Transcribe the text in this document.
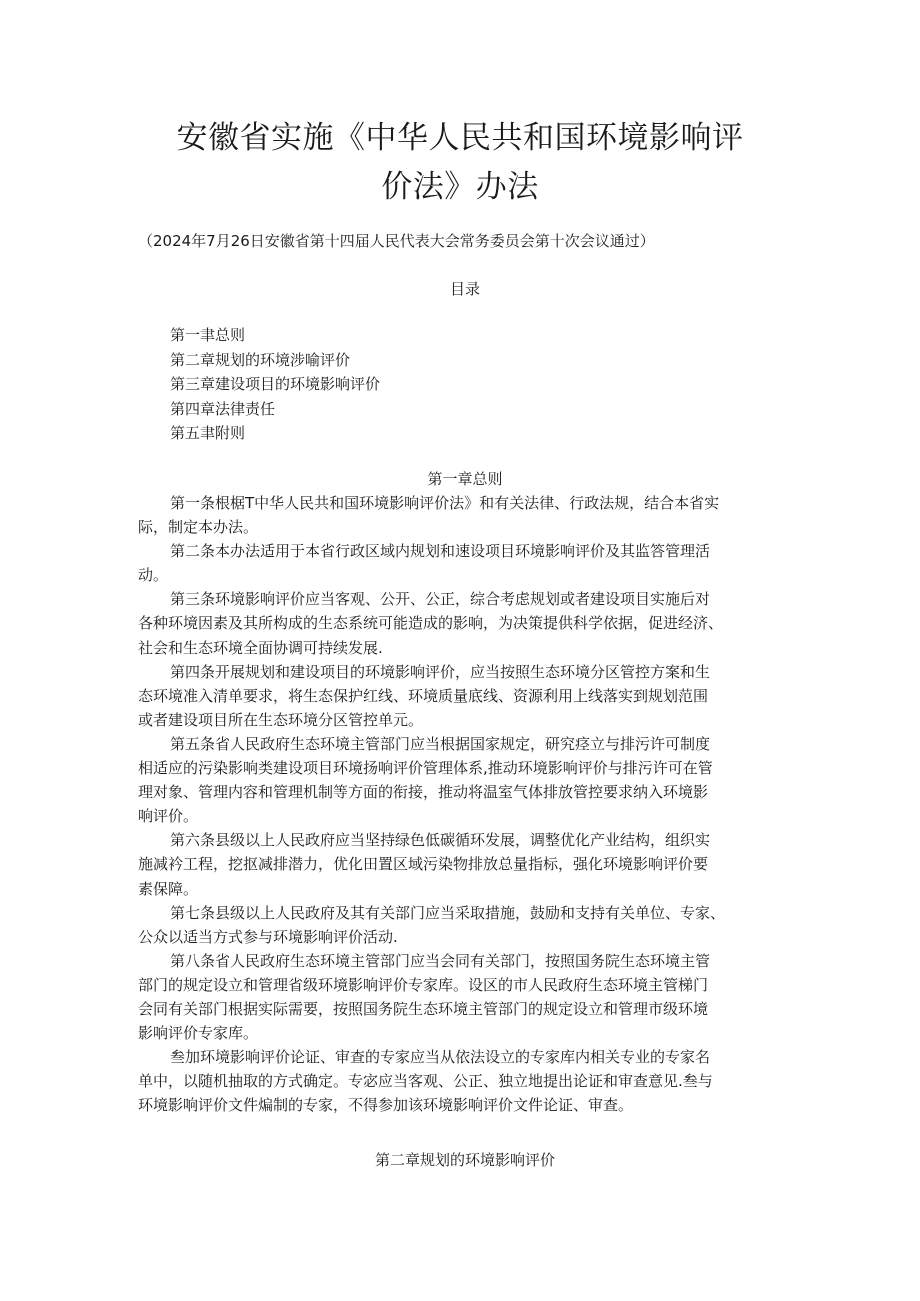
安徽省实施《中华人民共和国环境影响评
价法》办法
（2024年7月26日安徽省第十四届人民代表大会常务委员会第十次会议通过）
目录
第一聿总则
第二章规划的环境涉喻评价
第三章建设项目的环境影响评价
第四章法律责任
第五聿附则
第一章总则

第一条根椐T中华人民共和国环境影响评价法》和有关法律、行政法规，结合本省实
际，制定本办法。

第二条本办法适用于本省行政区域内规划和速设项目环境影响评价及其监答管理活
动。

第三条环境影响评价应当客观、公开、公正，综合考虑规划或者建设项目实施后对
各种环境因素及其所构成的生态系统可能造成的影响，为决策提供科学依据，促进经济、
社会和生态环境全面协调可持续发展.

第四条开展规划和建设项目的环境影响评价，应当按照生态环境分区管控方案和生
态环境准入清单要求，将生态保护红线、环境质量底线、资源利用上线落实到规划范围
或者建设项目所在生态环境分区管控单元。

第五条省人民政府生态环境主管部门应当根据国家规定，研究痉立与排污许可制度
相适应的污染影响类建设项目环境扬响评价管理体系,推动环境影响评价与排污许可在管
理对象、管理内容和管理机制等方面的衔接，推动将温室气体排放管控要求纳入环境影
响评价。

第六条县级以上人民政府应当坚持绿色低碳循环发展，调整优化产业结构，组织实
施减衿工程，挖抠减排潜力，优化田置区域污染物排放总量指标，强化环境影响评价要
素保障。

第七条县级以上人民政府及其有关部门应当采取措施，鼓励和支持有关单位、专家、
公众以适当方式参与环境影响评价活动.

第八条省人民政府生态环境主管部门应当会同有关部门，按照国务院生态环境主管
部门的规定设立和管理省级环境影响评价专家库。设区的市人民政府生态环境主管梯门
会同有关部门根据实际需要，按照国务院生态环境主管部门的规定设立和管理市级环境
影响评价专家库。

叁加环境影响评价论证、审查的专家应当从依法设立的专家库内相关专业的专家名
单中，以随机抽取的方式确定。专宓应当客观、公正、独立地提出论证和审查意见.叁与
环境影响评价文件煸制的专家，不得参加该环境影响评价文件论证、审查。

第二章规划的环境影响评价
